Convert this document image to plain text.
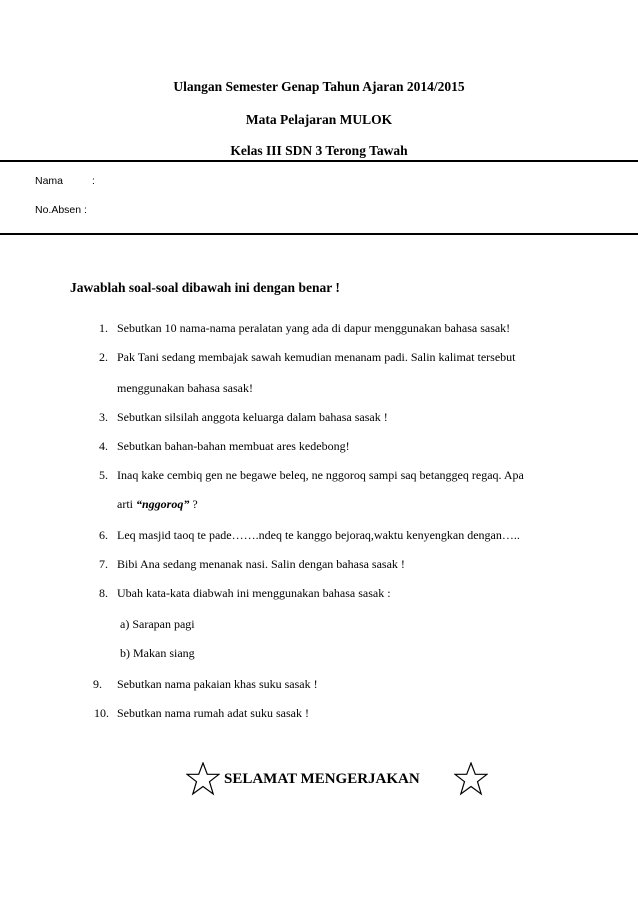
Ulangan Semester Genap Tahun Ajaran 2014/2015
Mata Pelajaran MULOK
Kelas III SDN 3 Terong Tawah
Nama	:
No.Absen :
Jawablah soal-soal dibawah ini dengan benar !
1. Sebutkan 10 nama-nama peralatan yang ada di dapur menggunakan bahasa sasak!
2. Pak Tani sedang membajak sawah kemudian menanam padi. Salin kalimat tersebut
menggunakan bahasa sasak!
3. Sebutkan silsilah anggota keluarga dalam bahasa sasak !
4. Sebutkan bahan-bahan membuat ares kedebong!
5. Inaq kake cembiq gen ne begawe beleq, ne nggoroq sampi saq betanggeq regaq. Apa
arti “nggoroq” ?
6. Leq masjid taoq te pade…….ndeq te kanggo bejoraq,waktu kenyengkan dengan…..
7. Bibi Ana sedang menanak nasi. Salin dengan bahasa sasak !
8. Ubah kata-kata diabwah ini menggunakan bahasa sasak :
a) Sarapan pagi
b) Makan siang
9. Sebutkan nama pakaian khas suku sasak !
10. Sebutkan nama rumah adat suku sasak !
SELAMAT MENGERJAKAN
